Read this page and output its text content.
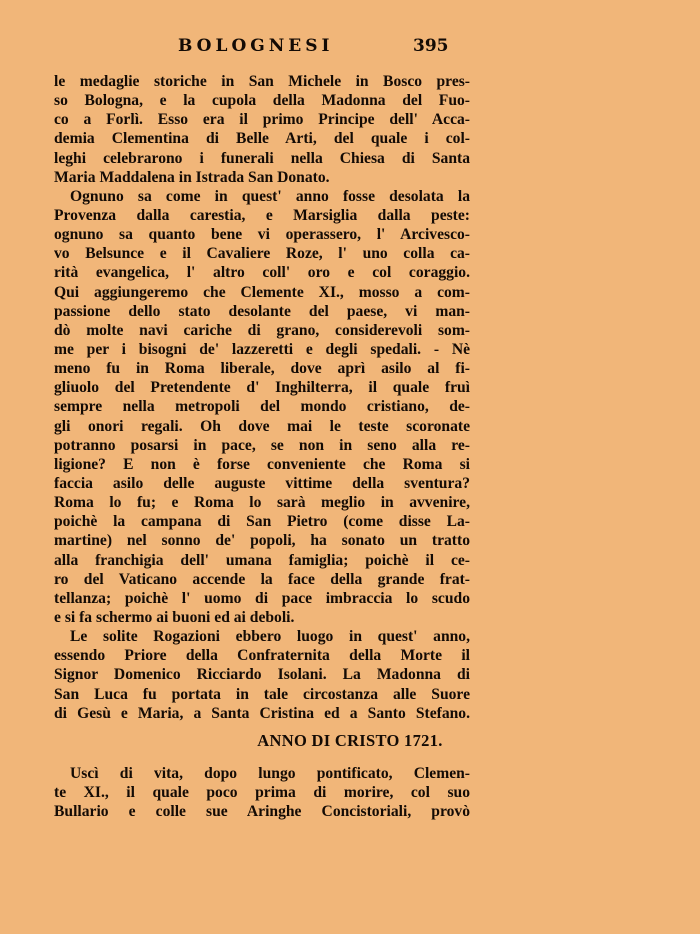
BOLOGNESI	395
le medaglie storiche in San Michele in Bosco pres-
so Bologna, e la cupola della Madonna del Fuo-
co a Forlì. Esso era il primo Principe dell' Acca-
demia Clementina di Belle Arti, del quale i col-
leghi celebrarono i funerali nella Chiesa di Santa
Maria Maddalena in Istrada San Donato.
Ognuno sa come in quest' anno fosse desolata la
Provenza dalla carestia, e Marsiglia dalla peste:
ognuno sa quanto bene vi operassero, l' Arcivesco-
vo Belsunce e il Cavaliere Roze, l' uno colla ca-
rità evangelica, l' altro coll' oro e col coraggio.
Qui aggiungeremo che Clemente XI., mosso a com-
passione dello stato desolante del paese, vi man-
dò molte navi cariche di grano, considerevoli som-
me per i bisogni de' lazzeretti e degli spedali. - Nè
meno fu in Roma liberale, dove aprì asilo al fi-
gliuolo del Pretendente d' Inghilterra, il quale fruì
sempre nella metropoli del mondo cristiano, de-
gli onori regali. Oh dove mai le teste scoronate
potranno posarsi in pace, se non in seno alla re-
ligione? E non è forse conveniente che Roma si
faccia asilo delle auguste vittime della sventura?
Roma lo fu; e Roma lo sarà meglio in avvenire,
poichè la campana di San Pietro (come disse La-
martine) nel sonno de' popoli, ha sonato un tratto
alla franchigia dell' umana famiglia; poichè il ce-
ro del Vaticano accende la face della grande frat-
tellanza; poichè l' uomo di pace imbraccia lo scudo
e si fa schermo ai buoni ed ai deboli.
Le solite Rogazioni ebbero luogo in quest' anno,
essendo Priore della Confraternita della Morte il
Signor Domenico Ricciardo Isolani. La Madonna di
San Luca fu portata in tale circostanza alle Suore
di Gesù e Maria, a Santa Cristina ed a Santo Stefano.
ANNO DI CRISTO 1721.
Uscì di vita, dopo lungo pontificato, Clemen-
te XI., il quale poco prima di morire, col suo
Bullario e colle sue Aringhe Concistoriali, provò
